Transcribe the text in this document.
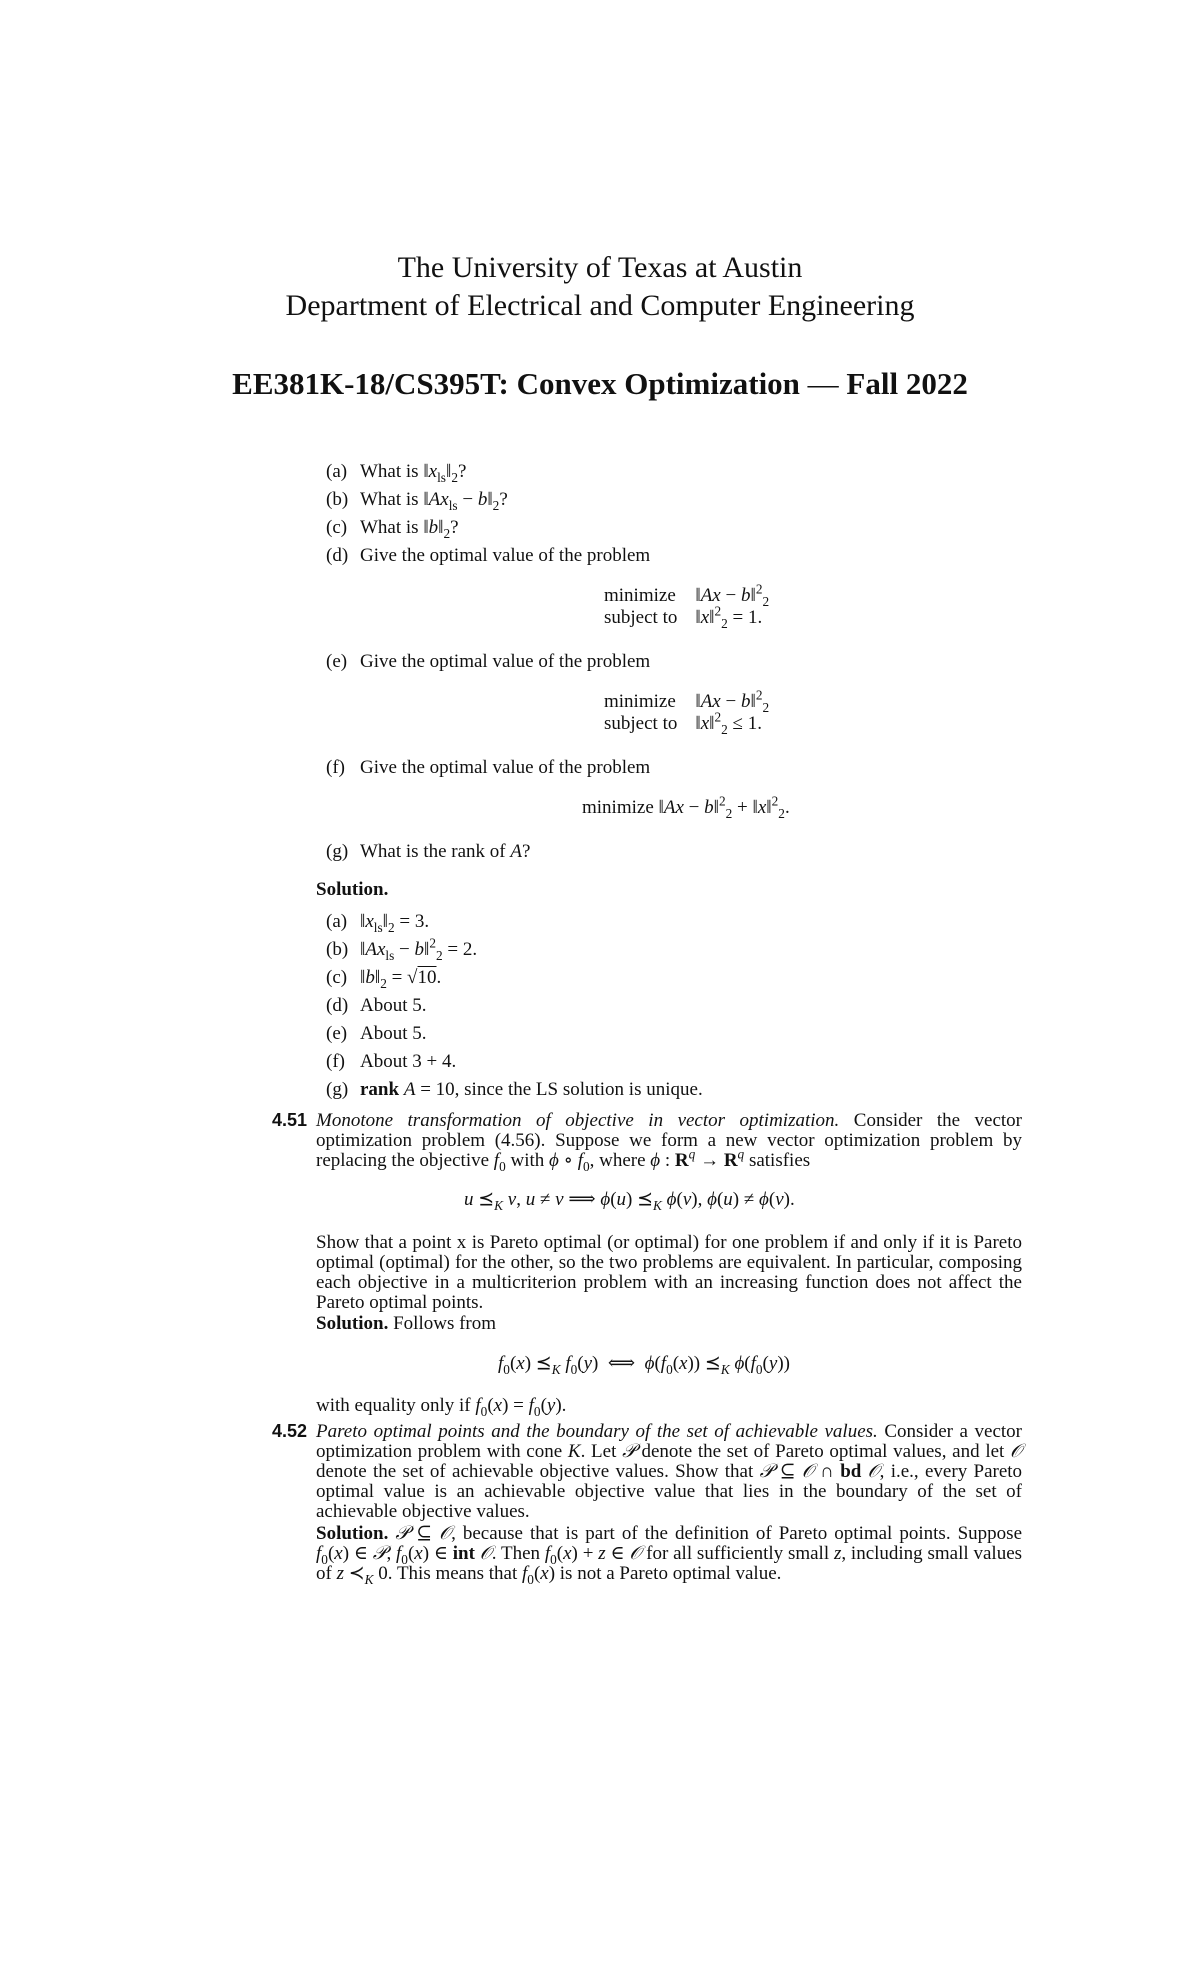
The University of Texas at Austin
Department of Electrical and Computer Engineering
EE381K-18/CS395T: Convex Optimization — Fall 2022
(a) What is $‖x_{ls}‖_2$?
(b) What is $‖Ax_{ls}$ − $b‖_2$?
(c) What is $‖b‖_2$?
(d) Give the optimal value of the problem
minimize ‖Ax − b‖$^2_2$
subject to ‖x‖$^2_2$ = 1.
(e) Give the optimal value of the problem
minimize ‖Ax − b‖$^2_2$
subject to ‖x‖$^2_2$ ≤ 1.
(f) Give the optimal value of the problem
minimize ‖Ax − b‖$^2_2$ + ‖x‖$^2_2$.
(g) What is the rank of A?
Solution.
(a) $‖x_{ls}‖_2 = 3$.
(b) $‖Ax_{ls}$ − b‖$^2_2$ = 2.
(c) $‖b‖_2 = √10$.
(d) About 5.
(e) About 5.
(f) About 3 + 4.
(g) rank A = 10, since the LS solution is unique.
4.51 Monotone transformation of objective in vector optimization. Consider the vector optimization problem (4.56). Suppose we form a new vector optimization problem by replacing the objective $f_0$ with ϕ ∘ $f_0$, where ϕ : $R^q \to R^q$ satisfies
u $⪯_K$ v, u ≠ v ⟹ ϕ(u) $⪯_K$ ϕ(v), ϕ(u) ≠ ϕ(v).
Show that a point x is Pareto optimal (or optimal) for one problem if and only if it is Pareto optimal (optimal) for the other, so the two problems are equivalent. In particular, composing each objective in a multicriterion problem with an increasing function does not affect the Pareto optimal points.
Solution. Follows from
$f_0(x)$ $⪯_K$ $f_0(y)$  ⟺  $\phi(f_0(x))$ $⪯_K$ $\phi(f_0(y))$
with equality only if $f_0(x) = f_0(y)$.
4.52 Pareto optimal points and the boundary of the set of achievable values. Consider a vector optimization problem with cone K. Let 𝒫 denote the set of Pareto optimal values, and let 𝒪 denote the set of achievable objective values. Show that 𝒫 ⊆ 𝒪 ∩ bd 𝒪, i.e., every Pareto optimal value is an achievable objective value that lies in the boundary of the set of achievable objective values.
Solution. 𝒫 ⊆ 𝒪, because that is part of the definition of Pareto optimal points. Suppose $f_0(x)$ ∈ 𝒫, $f_0(x)$ ∈ int 𝒪. Then $f_0(x) + z$ ∈ 𝒪 for all sufficiently small z, including small values of z $≺_K$ 0. This means that $f_0(x)$ is not a Pareto optimal value.
